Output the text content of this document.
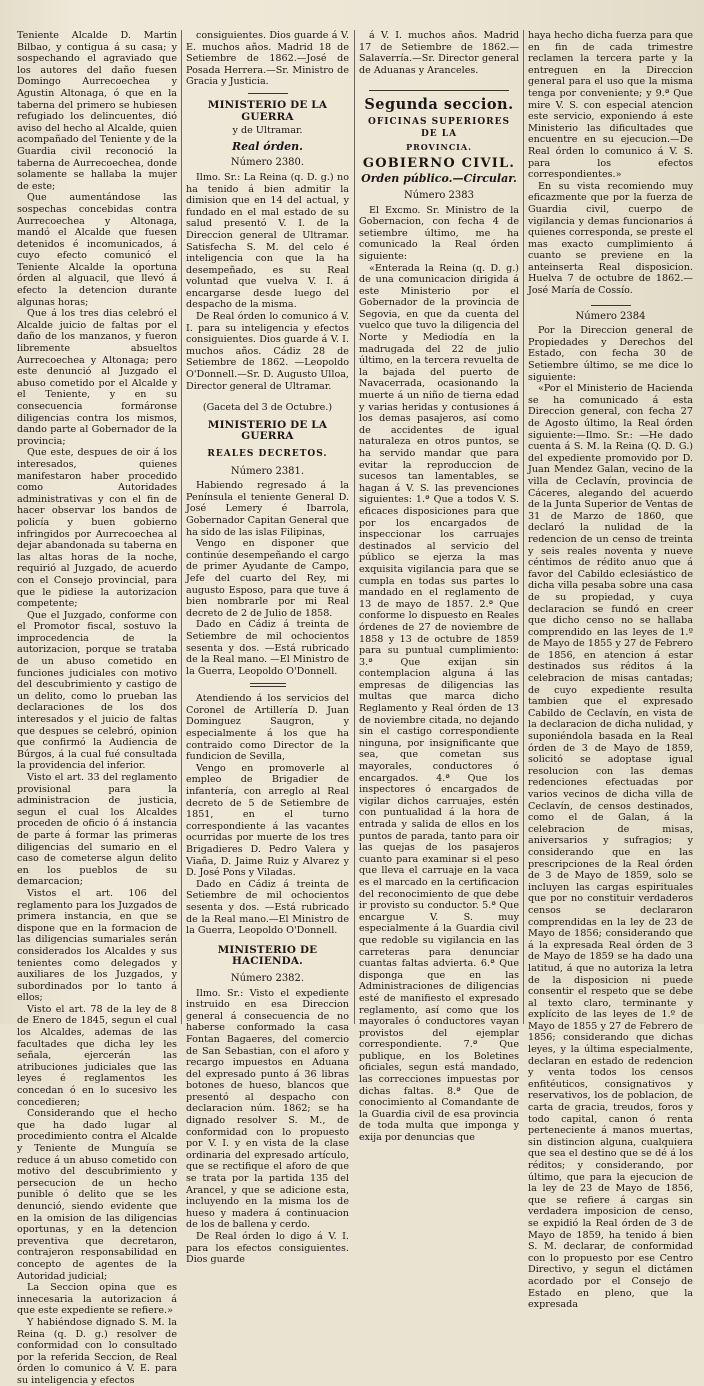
Teniente Alcalde D. Martin Bilbao, y contigua á su casa; y sospechando el agraviado que los autores del daño fuesen Domingo Aurrecoechea y Agustin Altonaga, ó que en la taberna del primero se hubiesen refugiado los delincuentes, dió aviso del hecho al Alcalde, quien acompañado del Teniente y de la Guardia civil reconoció la taberna de Aurrecoechea, donde solamente se hallaba la mujer de este;

Que aumentándose las sospechas concebidas contra Aurrecoechea y Altonaga, mandó el Alcalde que fuesen detenidos é incomunicados, á cuyo efecto comunicó el Teniente Alcalde la oportuna órden al alguacil, que llevó á efecto la detencion durante algunas horas;

Que á los tres dias celebró el Alcalde juicio de faltas por el daño de los manzanos, y fueron libremente absueltos Aurrecoechea y Altonaga; pero este denunció al Juzgado el abuso cometido por el Alcalde y el Teniente, y en su consecuencia formáronse diligencias contra los mismos, dando parte al Gobernador de la provincia;

Que este, despues de oir á los interesados, quienes manifestaron haber procedido como Autoridades administrativas y con el fin de hacer observar los bandos de policía y buen gobierno infringidos por Aurrecoechea al dejar abandonada su taberna en las altas horas de la noche, requirió al Juzgado, de acuerdo con el Consejo provincial, para que le pidiese la autorizacion competente;

Que el Juzgado, conforme con el Promotor fiscal, sostuvo la improcedencia de la autorizacion, porque se trataba de un abuso cometido en funciones judiciales con motivo del descubrimiento y castigo de un delito, como lo prueban las declaraciones de los dos interesados y el juicio de faltas que despues se celebró, opinion que confirmó la Audiencia de Búrgos, á la cual fué consultada la providencia del inferior.

Visto el art. 33 del reglamento provisional para la administracion de justicia, segun el cual los Alcaldes proceden de oficio ó á instancia de parte á formar las primeras diligencias del sumario en el caso de cometerse algun delito en los pueblos de su demarcacion;

Vistos el art. 106 del reglamento para los Juzgados de primera instancia, en que se dispone que en la formacion de las diligencias sumariales serán considerados los Alcaldes y sus tenientes como delegados y auxiliares de los Juzgados, y subordinados por lo tanto á ellos;

Visto el art. 78 de la ley de 8 de Enero de 1845, segun el cual los Alcaldes, ademas de las facultades que dicha ley les señala, ejercerán las atribuciones judiciales que las leyes é reglamentos les concedan ó en lo sucesivo les concedieren;

Considerando que el hecho que ha dado lugar al procedimiento contra el Alcalde y Teniente de Munguía se reduce á un abuso cometido con motivo del descubrimiento y persecucion de un hecho punible ó delito que se les denunció, siendo evidente que en la omision de las diligencias oportunas, y en la detencion preventiva que decretaron, contrajeron responsabilidad en concepto de agentes de la Autoridad judicial;

La Seccion opina que es innecesaria la autorizacion á que este expediente se refiere.»

Y habiéndose dignado S. M. la Reina (q. D. g.) resolver de conformidad con lo consultado por la referida Seccion, de Real órden lo comunico á V. E. para su inteligencia y efectos

consiguientes. Dios guarde á V. E. muchos años. Madrid 18 de Setiembre de 1862.—José de Posada Herrera.—Sr. Ministro de Gracia y Justicia.

MINISTERIO DE LA GUERRA
y de Ultramar.
Real órden.
Número 2380.

Ilmo. Sr.: La Reina (q. D. g.) no ha tenido á bien admitir la dimision que en 14 del actual, y fundado en el mal estado de su salud presentó V. I. de la Direccion general de Ultramar. Satisfecha S. M. del celo é inteligencia con que la ha desempeñado, es su Real voluntad que vuelva V. I. á encargarse desde luego del despacho de la misma.

De Real órden lo comunico á V. I. para su inteligencia y efectos consiguientes. Dios guarde á V. I. muchos años. Cádiz 28 de Setiembre de 1862. —Leopoldo O'Donnell.—Sr. D. Augusto Ulloa, Director general de Ultramar.

(Gaceta del 3 de Octubre.)
MINISTERIO DE LA GUERRA
REALES DECRETOS.
Número 2381.

Habiendo regresado á la Península el teniente General D. José Lemery é Ibarrola, Gobernador Capitan General que ha sido de las islas Filipinas,

Vengo en disponer que continúe desempeñando el cargo de primer Ayudante de Campo, Jefe del cuarto del Rey, mi augusto Esposo, para que tuve á bien nombrarle por mi Real decreto de 2 de Julio de 1858.

Dado en Cádiz á treinta de Setiembre de mil ochocientos sesenta y dos. —Está rubricado de la Real mano. —El Ministro de la Guerra, Leopoldo O'Donnell.

Atendiendo á los servicios del Coronel de Artillería D. Juan Dominguez Saugron, y especialmente á los que ha contraido como Director de la fundicion de Sevilla,

Vengo en promoverle al empleo de Brigadier de infantería, con arreglo al Real decreto de 5 de Setiembre de 1851, en el turno correspondiente á las vacantes ocurridas por muerte de los tres Brigadieres D. Pedro Valera y Viaña, D. Jaime Ruiz y Alvarez y D. José Pons y Viladas.

Dado en Cádiz á treinta de Setiembre de mil ochocientos sesenta y dos. —Está rubricado de la Real mano.—El Ministro de la Guerra, Leopoldo O'Donnell.

MINISTERIO DE HACIENDA.
Número 2382.

Ilmo. Sr.: Visto el expediente instruido en esa Direccion general á consecuencia de no haberse conformado la casa Fontan Bagaeres, del comercio de San Sebastian, con el aforo y recargo impuestos en Aduana del expresado punto á 36 libras botones de hueso, blancos que presentó al despacho con declaracion núm. 1862; se ha dignado resolver S. M., de conformidad con lo propuesto por V. I. y en vista de la clase ordinaria del expresado artículo, que se rectifique el aforo de que se trata por la partida 135 del Arancel, y que se adicione esta, incluyendo en la misma los de hueso y madera á continuacion de los de ballena y cerdo.

De Real órden lo digo á V. I. para los efectos consiguientes. Dios guarde

á V. I. muchos años. Madrid 17 de Setiembre de 1862.—Salaverría.—Sr. Director general de Aduanas y Aranceles.

Segunda seccion.
OFICINAS SUPERIORES DE LA
PROVINCIA.
GOBIERNO CIVIL.
Orden público.—Circular.
Número 2383

El Excmo. Sr. Ministro de la Gobernacion, con fecha 4 de setiembre último, me ha comunicado la Real órden siguiente:

«Enterada la Reina (q. D. g.) de una comunicacion dirigida á este Ministerio por el Gobernador de la provincia de Segovia, en que da cuenta del vuelco que tuvo la diligencia del Norte y Mediodía en la madrugada del 22 de julio último, en la tercera revuelta de la bajada del puerto de Navacerrada, ocasionando la muerte á un niño de tierna edad y varias heridas y contusiones á los demas pasajeros, así como de accidentes de igual naturaleza en otros puntos, se ha servido mandar que para evitar la reproduccion de sucesos tan lamentables, se hagan á V. S. las prevenciones siguientes: 1.ª Que a todos V. S. eficaces disposiciones para que por los encargados de inspeccionar los carruajes destinados al servicio del público se ejerza la mas exquisita vigilancia para que se cumpla en todas sus partes lo mandado en el reglamento de 13 de mayo de 1857. 2.ª Que conforme lo dispuesto en Reales órdenes de 27 de noviembre de 1858 y 13 de octubre de 1859 para su puntual cumplimiento: 3.ª Que exijan sin contemplacion alguna á las empresas de diligencias las multas que marca dicho Reglamento y Real órden de 13 de noviembre citada, no dejando sin el castigo correspondiente ninguna, por insignificante que sea, que cometan sus mayorales, conductores ó encargados. 4.ª Que los inspectores ó encargados de vigilar dichos carruajes, estén con puntualidad á la hora de entrada y salida de ellos en los puntos de parada, tanto para oir las quejas de los pasajeros cuanto para examinar si el peso que lleva el carruaje en la vaca es el marcado en la certificacion del reconocimiento de que debe ir provisto su conductor. 5.ª Que encargue V. S. muy especialmente á la Guardia civil que redoble su vigilancia en las carreteras para denunciar cuantas faltas advierta. 6.ª Que disponga que en las Administraciones de diligencias esté de manifiesto el expresado reglamento, así como que los mayorales ó conductores vayan provistos del ejemplar correspondiente. 7.ª Que publique, en los Boletines oficiales, segun está mandado, las correcciones impuestas por dichas faltas. 8.ª Que de conocimiento al Comandante de la Guardia civil de esa provincia de toda multa que imponga y exija por denuncias que

haya hecho dicha fuerza para que en fin de cada trimestre reclamen la tercera parte y la entreguen en la Direccion general para el uso que la misma tenga por conveniente; y 9.ª Que mire V. S. con especial atencion este servicio, exponiendo á este Ministerio las dificultades que encuentre en su ejecucion.—De Real órden lo comunico á V. S. para los efectos correspondientes.»

En su vista recomiendo muy eficazmente que por la fuerza de Guardia civil, cuerpo de vigilancia y demas funcionarios á quienes corresponda, se preste el mas exacto cumplimiento á cuanto se previene en la anteinserta Real disposicion. Huelva 7 de octubre de 1862.—José María de Cossío.

Número 2384

Por la Direccion general de Propiedades y Derechos del Estado, con fecha 30 de Setiembre último, se me dice lo siguiente:

«Por el Ministerio de Hacienda se ha comunicado á esta Direccion general, con fecha 27 de Agosto último, la Real órden siguiente:—Ilmo. Sr.: —He dado cuenta á S. M. la Reina (Q. D. G.) del expediente promovido por D. Juan Mendez Galan, vecino de la villa de Ceclavín, provincia de Cáceres, alegando del acuerdo de la Junta Superior de Ventas de 31 de Marzo de 1860, que declaró la nulidad de la redencion de un censo de treinta y seis reales noventa y nueve céntimos de rédito anuo que á favor del Cabildo eclesiástico de dicha villa pesaba sobre una casa de su propiedad, y cuya declaracion se fundó en creer que dicho censo no se hallaba comprendido en las leyes de 1.º de Mayo de 1855 y 27 de Febrero de 1856, en atencion á estar destinados sus réditos á la celebracion de misas cantadas; de cuyo expediente resulta tambien que el expresado Cabildo de Ceclavín, en vista de la declaracion de dicha nulidad, y suponiéndola basada en la Real órden de 3 de Mayo de 1859, solicitó se adoptase igual resolucion con las demas redenciones efectuadas por varios vecinos de dicha villa de Ceclavín, de censos destinados, como el de Galan, á la celebracion de misas, aniversarios y sufragios; y considerando que en las prescripciones de la Real órden de 3 de Mayo de 1859, solo se incluyen las cargas espirituales que por no constituir verdaderos censos se declararon comprendidas en la ley de 23 de Mayo de 1856; considerando que á la expresada Real órden de 3 de Mayo de 1859 se ha dado una latitud, á que no autoriza la letra de la disposicion ni puede consentir el respeto que se debe al texto claro, terminante y explícito de las leyes de 1.º de Mayo de 1855 y 27 de Febrero de 1856; considerando que dichas leyes, y la última especialmente, declaran en estado de redencion y venta todos los censos enfitéuticos, consignativos y reservativos, los de poblacion, de carta de gracia, treudos, foros y todo capital, canon ó renta perteneciente á manos muertas, sin distincion alguna, cualquiera que sea el destino que se dé á los réditos; y considerando, por último, que para la ejecucion de la ley de 23 de Mayo de 1856, que se refiere á cargas sin verdadera imposicion de censo, se expidió la Real órden de 3 de Mayo de 1859, ha tenido á bien S. M. declarar, de conformidad con lo propuesto por ese Centro Directivo, y segun el dictámen acordado por el Consejo de Estado en pleno, que la expresada
